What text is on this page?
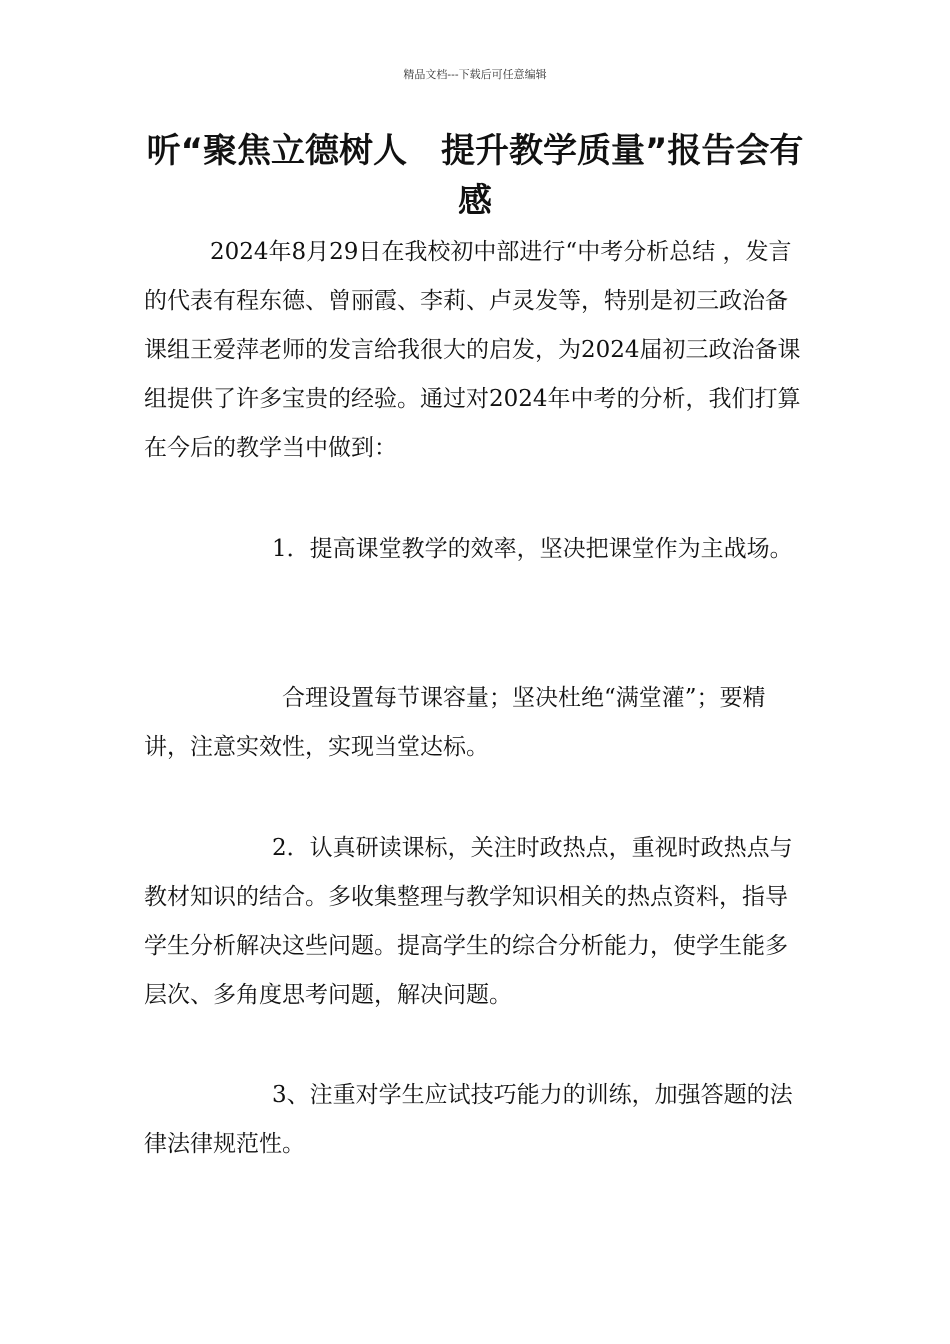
精品文档---下载后可任意编辑
听“聚焦立德树人　提升教学质量”报告会有感

2024年8月29日在我校初中部进行“中考分析总结 ，发言的代表有程东德、曾丽霞、李莉、卢灵发等，特别是初三政治备课组王爱萍老师的发言给我很大的启发，为2024届初三政治备课组提供了许多宝贵的经验。通过对2024年中考的分析，我们打算在今后的教学当中做到：

1．提高课堂教学的效率，坚决把课堂作为主战场。

合理设置每节课容量；坚决杜绝“满堂灌”；要精讲，注意实效性，实现当堂达标。

2．认真研读课标，关注时政热点，重视时政热点与教材知识的结合。多收集整理与教学知识相关的热点资料，指导学生分析解决这些问题。提高学生的综合分析能力，使学生能多层次、多角度思考问题，解决问题。

3、注重对学生应试技巧能力的训练，加强答题的法律法律规范性。
